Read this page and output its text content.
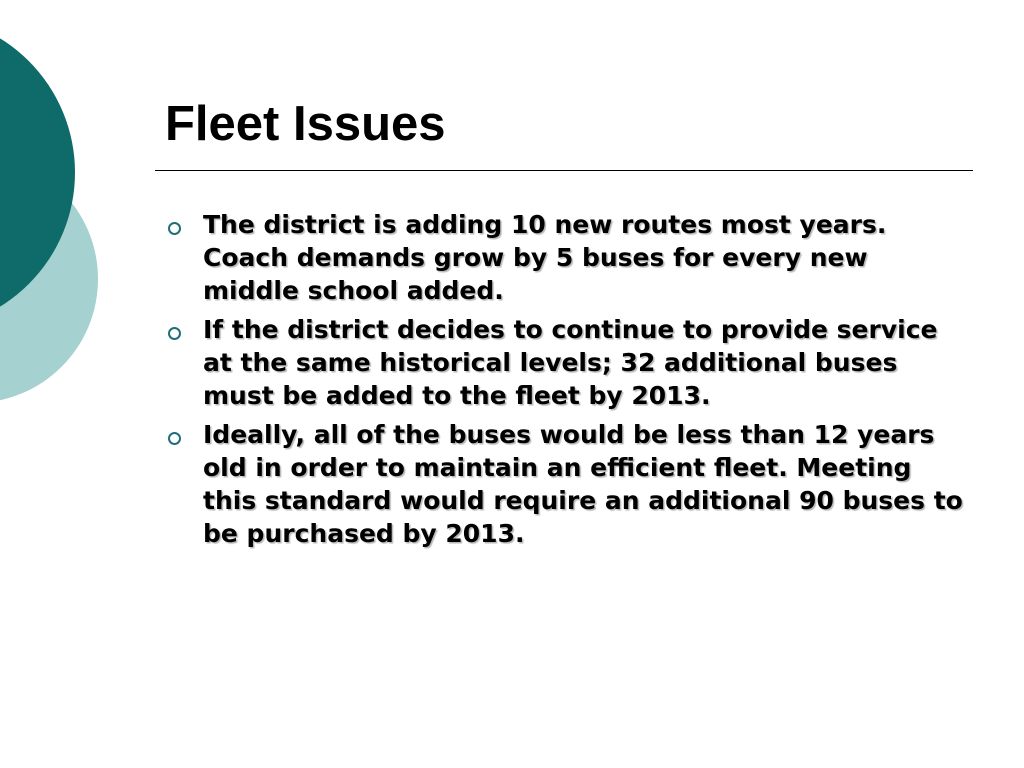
Fleet Issues
The district is adding 10 new routes most years. Coach demands grow by 5 buses for every new middle school added.
If the district decides to continue to provide service at the same historical levels; 32 additional buses must be added to the fleet by 2013.
Ideally, all of the buses would be less than 12 years old in order to maintain an efficient fleet. Meeting this standard would require an additional 90 buses to be purchased by 2013.
